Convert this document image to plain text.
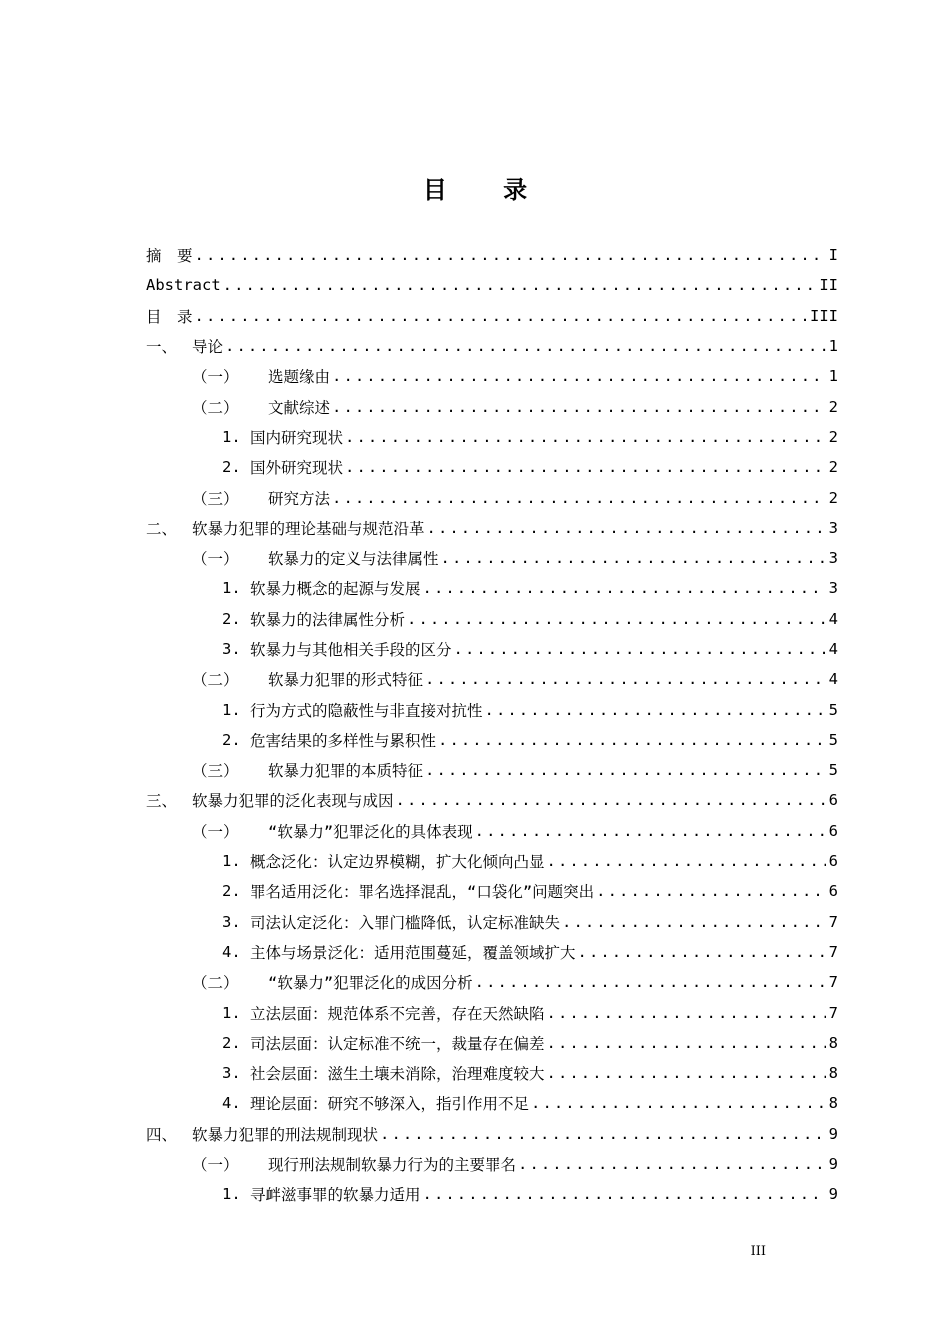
目 录
摘　要 .....	I
Abstract .....	II
目　录 .....	III
一、 导论 .....	1
（一）	选题缘由 .....	1
（二）	文献综述 .....	2
1. 国内研究现状 .....	2
2. 国外研究现状 .....	2
（三）	研究方法 .....	2
二、 软暴力犯罪的理论基础与规范沿革 .....	3
（一）	软暴力的定义与法律属性 .....	3
1. 软暴力概念的起源与发展 .....	3
2. 软暴力的法律属性分析 .....	4
3. 软暴力与其他相关手段的区分 .....	4
（二）	软暴力犯罪的形式特征 .....	4
1. 行为方式的隐蔽性与非直接对抗性 .....	5
2. 危害结果的多样性与累积性 .....	5
（三）	软暴力犯罪的本质特征 .....	5
三、 软暴力犯罪的泛化表现与成因 .....	6
（一）	“软暴力”犯罪泛化的具体表现 .....	6
1. 概念泛化：认定边界模糊，扩大化倾向凸显 .....	6
2. 罪名适用泛化：罪名选择混乱，“口袋化”问题突出 .....	6
3. 司法认定泛化：入罪门槛降低，认定标准缺失 .....	7
4. 主体与场景泛化：适用范围蔓延，覆盖领域扩大 .....	7
（二）	“软暴力”犯罪泛化的成因分析 .....	7
1. 立法层面：规范体系不完善，存在天然缺陷 .....	7
2. 司法层面：认定标准不统一，裁量存在偏差 .....	8
3. 社会层面：滋生土壤未消除，治理难度较大 .....	8
4. 理论层面：研究不够深入，指引作用不足 .....	8
四、 软暴力犯罪的刑法规制现状 .....	9
（一）	现行刑法规制软暴力行为的主要罪名 .....	9
1. 寻衅滋事罪的软暴力适用 .....	9
III
